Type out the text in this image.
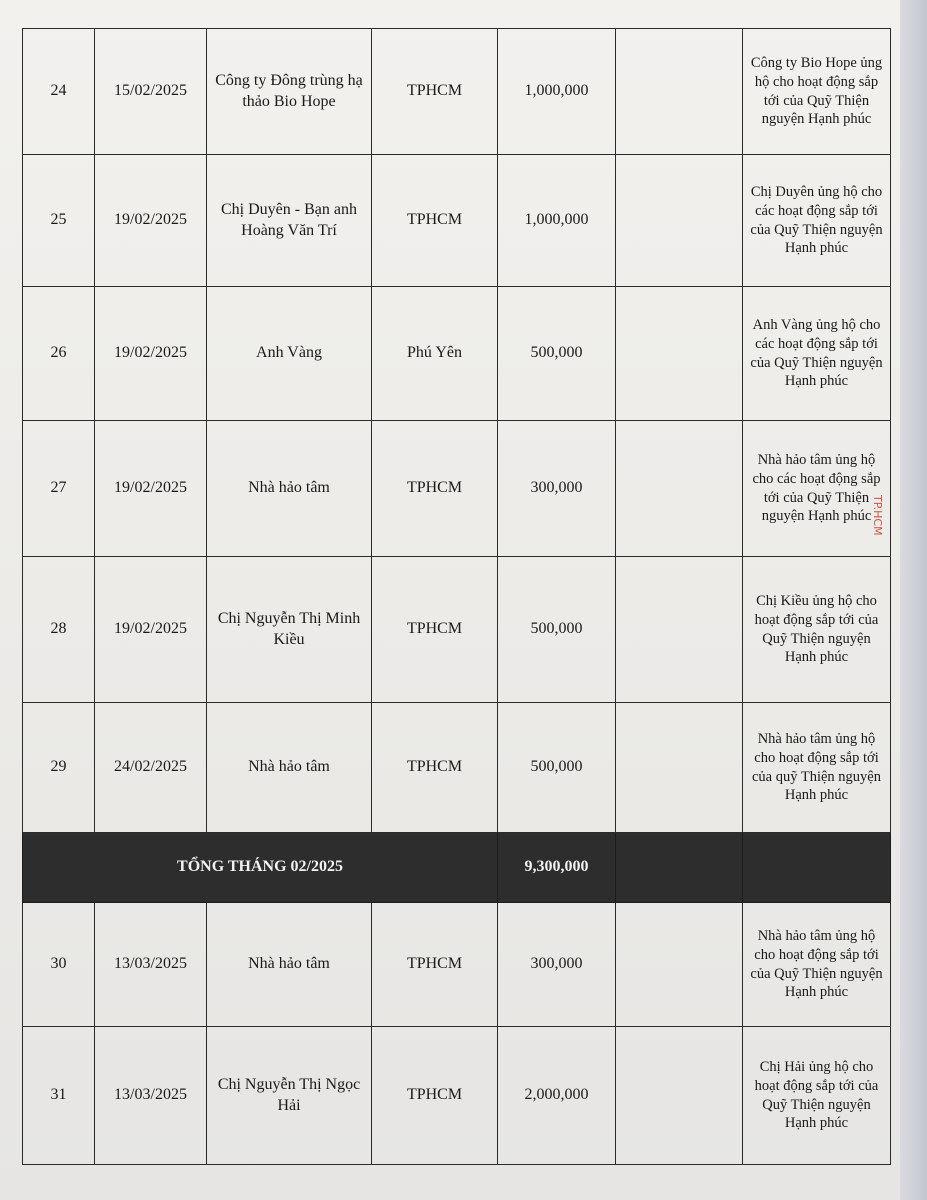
24	15/02/2025	Công ty Đông trùng hạ thảo Bio Hope	TPHCM	1,000,000		Công ty Bio Hope ủng hộ cho hoạt động sắp tới của Quỹ Thiện nguyện Hạnh phúc
25	19/02/2025	Chị Duyên - Bạn anh Hoàng Văn Trí	TPHCM	1,000,000		Chị Duyên ủng hộ cho các hoạt động sắp tới của Quỹ Thiện nguyện Hạnh phúc
26	19/02/2025	Anh Vàng	Phú Yên	500,000		Anh Vàng ủng hộ cho các hoạt động sắp tới của Quỹ Thiện nguyện Hạnh phúc
27	19/02/2025	Nhà hảo tâm	TPHCM	300,000		Nhà hảo tâm ủng hộ cho các hoạt động sắp tới của Quỹ Thiện nguyện Hạnh phúc
28	19/02/2025	Chị Nguyễn Thị Minh Kiều	TPHCM	500,000		Chị Kiều ủng hộ cho hoạt động sắp tới của Quỹ Thiện nguyện Hạnh phúc
29	24/02/2025	Nhà hảo tâm	TPHCM	500,000		Nhà hảo tâm ủng hộ cho hoạt động sắp tới của quỹ Thiện nguyện Hạnh phúc
TỔNG THÁNG 02/2025				9,300,000		
30	13/03/2025	Nhà hảo tâm	TPHCM	300,000		Nhà hảo tâm ủng hộ cho hoạt động sắp tới của Quỹ Thiện nguyện Hạnh phúc
31	13/03/2025	Chị Nguyễn Thị Ngọc Hải	TPHCM	2,000,000		Chị Hải ủng hộ cho hoạt động sắp tới của Quỹ Thiện nguyện Hạnh phúc
TP.HCM
